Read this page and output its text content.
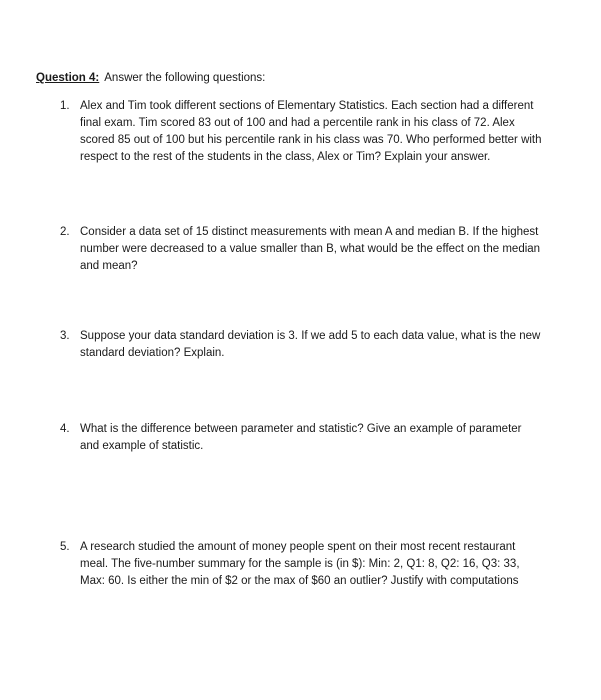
Question 4: Answer the following questions:
1. Alex and Tim took different sections of Elementary Statistics. Each section had a different final exam. Tim scored 83 out of 100 and had a percentile rank in his class of 72. Alex scored 85 out of 100 but his percentile rank in his class was 70. Who performed better with respect to the rest of the students in the class, Alex or Tim? Explain your answer.
2. Consider a data set of 15 distinct measurements with mean A and median B. If the highest number were decreased to a value smaller than B, what would be the effect on the median and mean?
3. Suppose your data standard deviation is 3. If we add 5 to each data value, what is the new standard deviation? Explain.
4. What is the difference between parameter and statistic? Give an example of parameter and example of statistic.
5. A research studied the amount of money people spent on their most recent restaurant meal. The five-number summary for the sample is (in $): Min: 2, Q1: 8, Q2: 16, Q3: 33, Max: 60. Is either the min of $2 or the max of $60 an outlier? Justify with computations
